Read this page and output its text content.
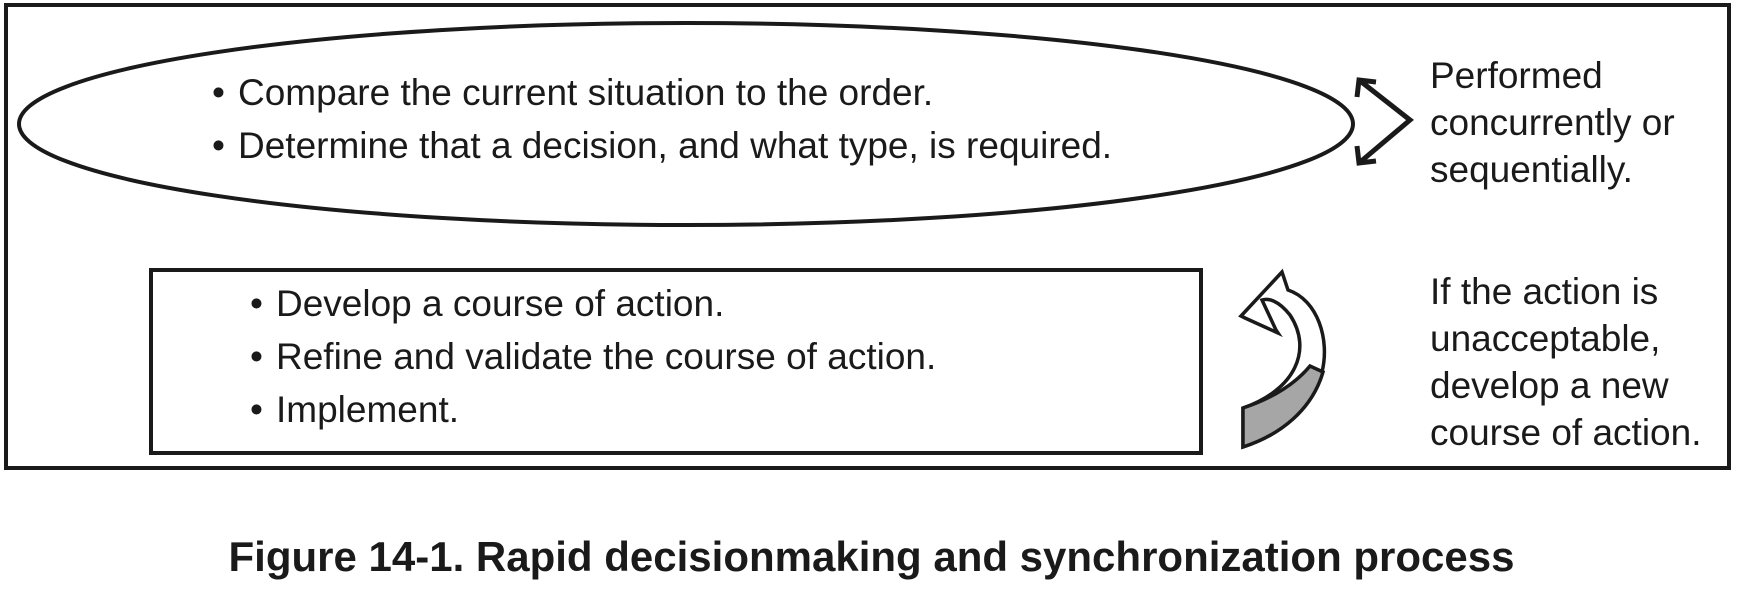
• Compare the current situation to the order.
• Determine that a decision, and what type, is required.
• Develop a course of action.
• Refine and validate the course of action.
• Implement.
Performed
concurrently or
sequentially.
If the action is
unacceptable,
develop a new
course of action.
Figure 14-1. Rapid decisionmaking and synchronization process
